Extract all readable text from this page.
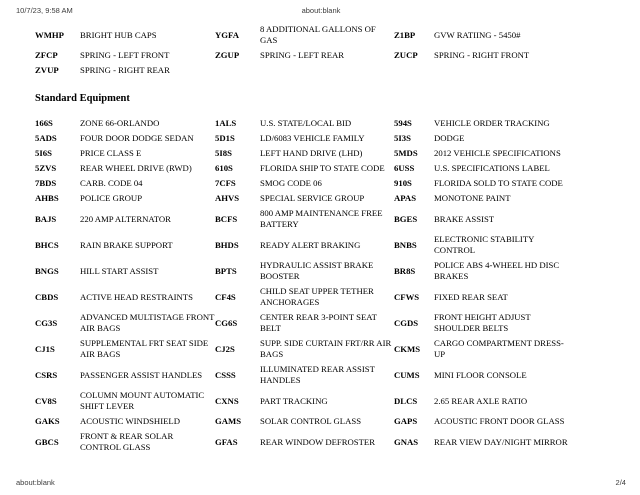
10/7/23, 9:58 AM	about:blank
WMHP	BRIGHT HUB CAPS	YGFA	8 ADDITIONAL GALLONS OF GAS	Z1BP	GVW RATIING - 5450#
ZFCP	SPRING - LEFT FRONT	ZGUP	SPRING - LEFT REAR	ZUCP	SPRING - RIGHT FRONT
ZVUP	SPRING - RIGHT REAR				
Standard Equipment
166S	ZONE 66-ORLANDO	1ALS	U.S. STATE/LOCAL BID	594S	VEHICLE ORDER TRACKING
5ADS	FOUR DOOR DODGE SEDAN	5D1S	LD/6083 VEHICLE FAMILY	5I3S	DODGE
5I6S	PRICE CLASS E	5I8S	LEFT HAND DRIVE (LHD)	5MDS	2012 VEHICLE SPECIFICATIONS
5ZVS	REAR WHEEL DRIVE (RWD)	610S	FLORIDA SHIP TO STATE CODE	6USS	U.S. SPECIFICATIONS LABEL
7BDS	CARB. CODE 04	7CFS	SMOG CODE 06	910S	FLORIDA SOLD TO STATE CODE
AHBS	POLICE GROUP	AHVS	SPECIAL SERVICE GROUP	APAS	MONOTONE PAINT
BAJS	220 AMP ALTERNATOR	BCFS	800 AMP MAINTENANCE FREE BATTERY	BGES	BRAKE ASSIST
BHCS	RAIN BRAKE SUPPORT	BHDS	READY ALERT BRAKING	BNBS	ELECTRONIC STABILITY CONTROL
BNGS	HILL START ASSIST	BPTS	HYDRAULIC ASSIST BRAKE BOOSTER	BR8S	POLICE ABS 4-WHEEL HD DISC BRAKES
CBDS	ACTIVE HEAD RESTRAINTS	CF4S	CHILD SEAT UPPER TETHER ANCHORAGES	CFWS	FIXED REAR SEAT
CG3S	ADVANCED MULTISTAGE FRONT AIR BAGS	CG6S	CENTER REAR 3-POINT SEAT BELT	CGDS	FRONT HEIGHT ADJUST SHOULDER BELTS
CJ1S	SUPPLEMENTAL FRT SEAT SIDE AIR BAGS	CJ2S	SUPP. SIDE CURTAIN FRT/RR AIR BAGS	CKMS	CARGO COMPARTMENT DRESS-UP
CSRS	PASSENGER ASSIST HANDLES	CSSS	ILLUMINATED REAR ASSIST HANDLES	CUMS	MINI FLOOR CONSOLE
CV8S	COLUMN MOUNT AUTOMATIC SHIFT LEVER	CXNS	PART TRACKING	DLCS	2.65 REAR AXLE RATIO
GAKS	ACOUSTIC WINDSHIELD	GAMS	SOLAR CONTROL GLASS	GAPS	ACOUSTIC FRONT DOOR GLASS
GBCS	FRONT & REAR SOLAR CONTROL GLASS	GFAS	REAR WINDOW DEFROSTER	GNAS	REAR VIEW DAY/NIGHT MIRROR
about:blank	2/4
